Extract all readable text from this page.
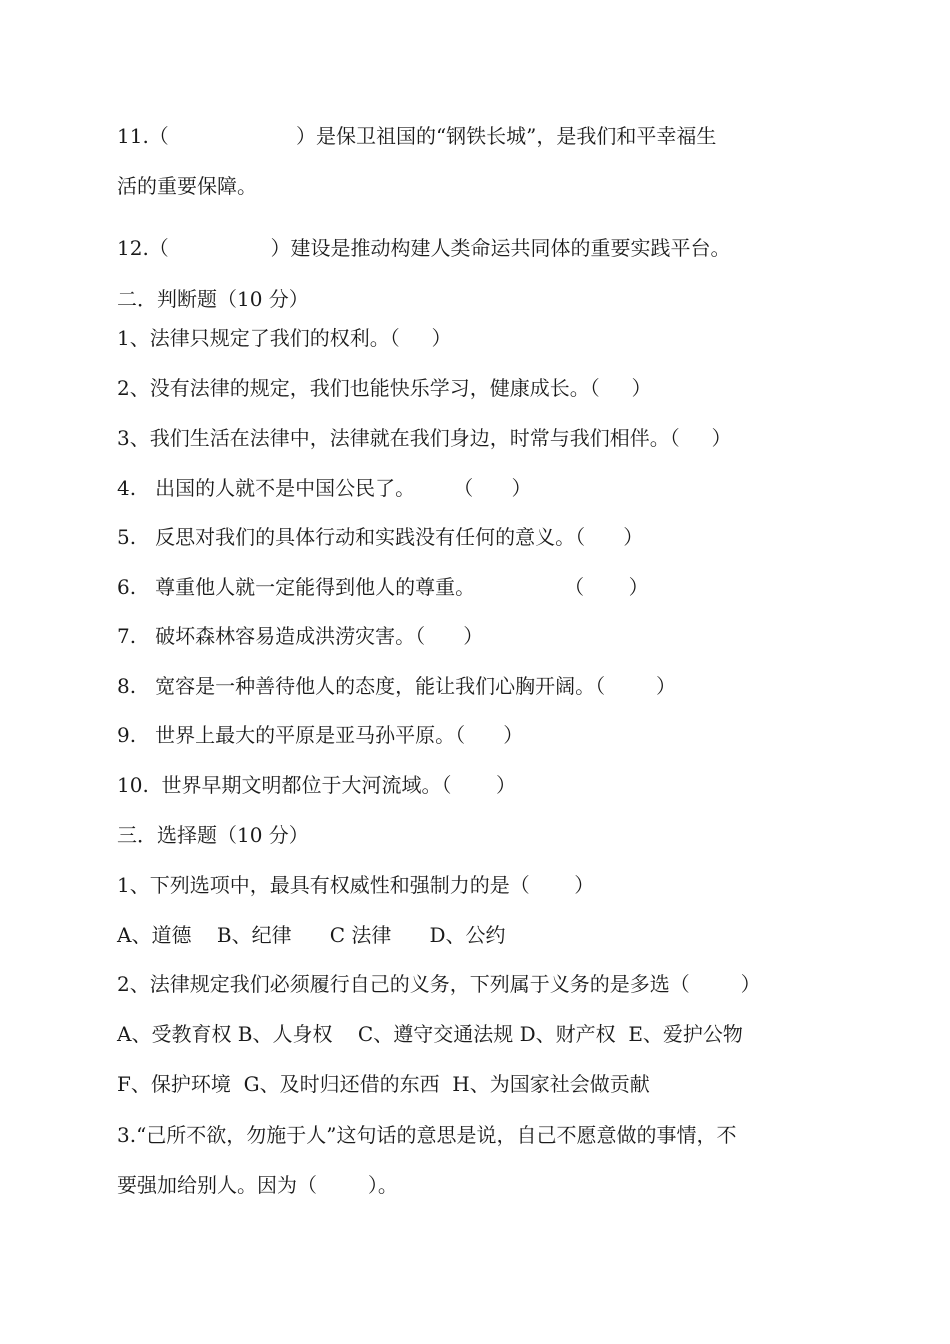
11.（                    ）是保卫祖国的“钢铁长城”，是我们和平幸福生

活的重要保障。

12.（                ）建设是推动构建人类命运共同体的重要实践平台。

二．判断题（10 分）

1、法律只规定了我们的权利。（     ）

2、没有法律的规定，我们也能快乐学习，健康成长。（     ）

3、我们生活在法律中，法律就在我们身边，时常与我们相伴。（     ）

4.   出国的人就不是中国公民了。      （      ）

5.   反思对我们的具体行动和实践没有任何的意义。（      ）

6.   尊重他人就一定能得到他人的尊重。              （       ）

7.   破坏森林容易造成洪涝灾害。（      ）

8.   宽容是一种善待他人的态度，能让我们心胸开阔。（        ）

9.   世界上最大的平原是亚马孙平原。（      ）

10.  世界早期文明都位于大河流域。（       ）

三．选择题（10 分）

1、下列选项中，最具有权威性和强制力的是（       ）

A、道德    B、纪律      C 法律      D、公约

2、法律规定我们必须履行自己的义务，下列属于义务的是多选（        ）

A、受教育权 B、人身权    C、遵守交通法规 D、财产权  E、爱护公物

F、保护环境  G、及时归还借的东西  H、为国家社会做贡献

3.“己所不欲，勿施于人”这句话的意思是说，自己不愿意做的事情，不

要强加给别人。因为（        ）。
